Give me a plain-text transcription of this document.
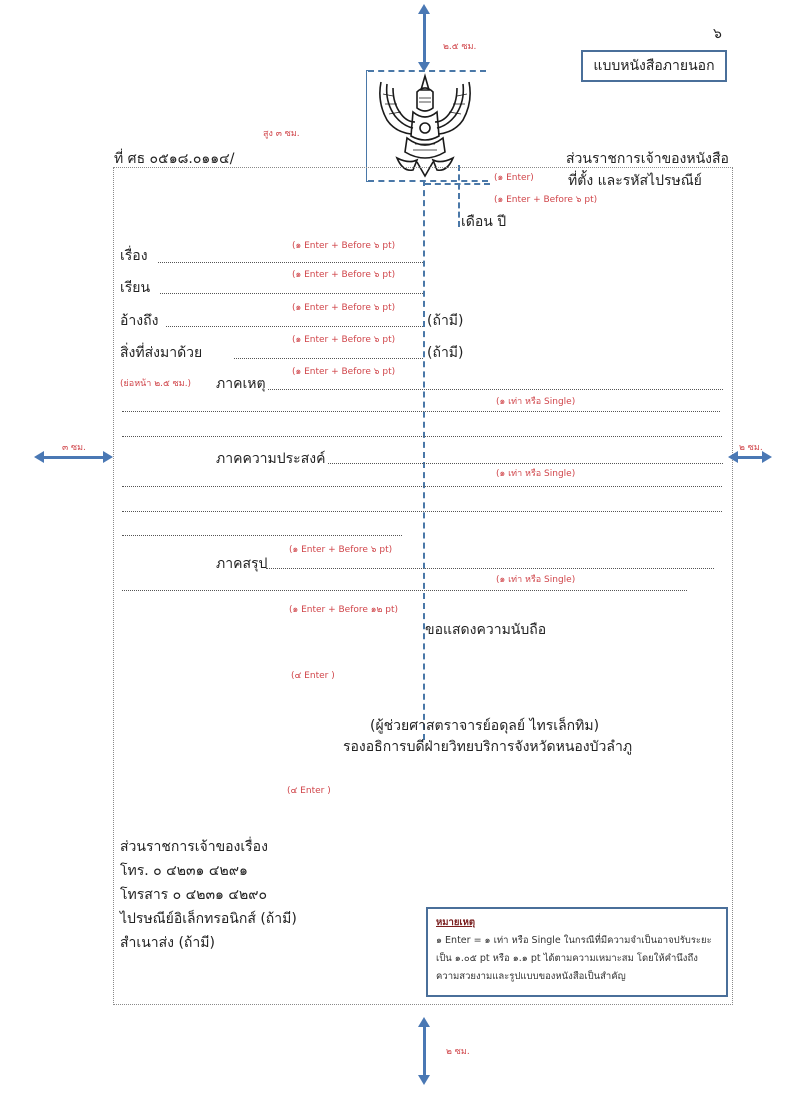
๖
แบบหนังสือภายนอก
๒.๕ ซม.
สูง ๓ ซม.
ที่ ศธ ๐๕๑๘.๐๑๑๔/	ส่วนราชการเจ้าของหนังสือ
(๑ Enter) ที่ตั้ง และรหัสไปรษณีย์
(๑ Enter + Before ๖ pt)
เดือน ปี
(๑ Enter + Before ๖ pt)
เรื่อง
(๑ Enter + Before ๖ pt)
เรียน
(๑ Enter + Before ๖ pt)
อ้างถึง	(ถ้ามี)
(๑ Enter + Before ๖ pt)
สิ่งที่ส่งมาด้วย	(ถ้ามี)
(๑ Enter + Before ๖ pt)
(ย่อหน้า ๒.๕ ซม.) ภาคเหตุ
(๑ เท่า หรือ Single)
๓ ซม.	๒ ซม.
ภาคความประสงค์
(๑ เท่า หรือ Single)
(๑ Enter + Before ๖ pt)
ภาคสรุป
(๑ เท่า หรือ Single)
(๑ Enter + Before ๑๒ pt)
ขอแสดงความนับถือ
(๔ Enter )
(ผู้ช่วยศาสตราจารย์อดุลย์ ไทรเล็กทิม)
รองอธิการบดีฝ่ายวิทยบริการจังหวัดหนองบัวลำภู
(๔ Enter )
ส่วนราชการเจ้าของเรื่อง
โทร. ๐ ๔๒๓๑ ๔๒๙๑
โทรสาร ๐ ๔๒๓๑ ๔๒๙๐
ไปรษณีย์อิเล็กทรอนิกส์ (ถ้ามี)
สำเนาส่ง (ถ้ามี)
หมายเหตุ
๑ Enter = ๑ เท่า หรือ Single ในกรณีที่มีความจำเป็นอาจปรับระยะเป็น ๑.๐๕ pt หรือ ๑.๑ pt ได้ตามความเหมาะสม โดยให้คำนึงถึงความสวยงามและรูปแบบของหนังสือเป็นสำคัญ
๒ ซม.
